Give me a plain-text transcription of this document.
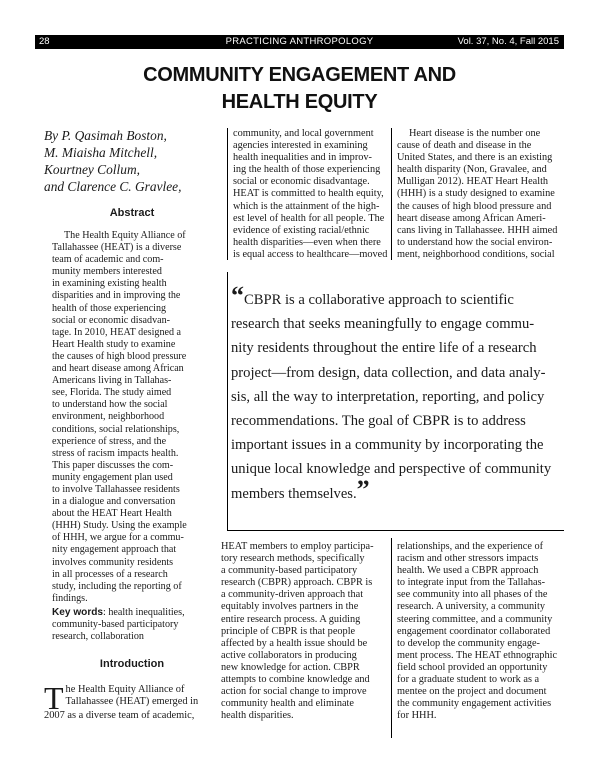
28	PRACTICING ANTHROPOLOGY	Vol. 37, No. 4, Fall 2015
COMMUNITY ENGAGEMENT AND
HEALTH EQUITY
By P. Qasimah Boston,
M. Miaisha Mitchell,
Kourtney Collum,
and Clarence C. Gravlee,
Abstract
The Health Equity Alliance of
Tallahassee (HEAT) is a diverse
team of academic and com-
munity members interested
in examining existing health
disparities and in improving the
health of those experiencing
social or economic disadvan-
tage. In 2010, HEAT designed a
Heart Health study to examine
the causes of high blood pressure
and heart disease among African
Americans living in Tallahas-
see, Florida. The study aimed
to understand how the social
environment, neighborhood
conditions, social relationships,
experience of stress, and the
stress of racism impacts health.
This paper discusses the com-
munity engagement plan used
to involve Tallahassee residents
in a dialogue and conversation
about the HEAT Heart Health
(HHH) Study. Using the example
of HHH, we argue for a commu-
nity engagement approach that
involves community residents
in all processes of a research
study, including the reporting of
findings.
Key words: health inequalities,
community-based participatory
research, collaboration
Introduction
T he Health Equity Alliance of
Tallahassee (HEAT) emerged in
2007 as a diverse team of academic,
community, and local government
agencies interested in examining
health inequalities and in improv-
ing the health of those experiencing
social or economic disadvantage.
HEAT is committed to health equity,
which is the attainment of the high-
est level of health for all people. The
evidence of existing racial/ethnic
health disparities—even when there
is equal access to healthcare—moved
Heart disease is the number one
cause of death and disease in the
United States, and there is an existing
health disparity (Non, Gravalee, and
Mulligan 2012). HEAT Heart Health
(HHH) is a study designed to examine
the causes of high blood pressure and
heart disease among African Ameri-
cans living in Tallahassee. HHH aimed
to understand how the social environ-
ment, neighborhood conditions, social
“CBPR is a collaborative approach to scientific
research that seeks meaningfully to engage commu-
nity residents throughout the entire life of a research
project—from design, data collection, and data analy-
sis, all the way to interpretation, reporting, and policy
recommendations. The goal of CBPR is to address
important issues in a community by incorporating the
unique local knowledge and perspective of community
members themselves.”
HEAT members to employ participa-
tory research methods, specifically
a community-based participatory
research (CBPR) approach. CBPR is
a community-driven approach that
equitably involves partners in the
entire research process. A guiding
principle of CBPR is that people
affected by a health issue should be
active collaborators in producing
new knowledge for action. CBPR
attempts to combine knowledge and
action for social change to improve
community health and eliminate
health disparities.
relationships, and the experience of
racism and other stressors impacts
health. We used a CBPR approach
to integrate input from the Tallahas-
see community into all phases of the
research. A university, a community
steering committee, and a community
engagement coordinator collaborated
to develop the community engage-
ment process. The HEAT ethnographic
field school provided an opportunity
for a graduate student to work as a
mentee on the project and document
the community engagement activities
for HHH.
